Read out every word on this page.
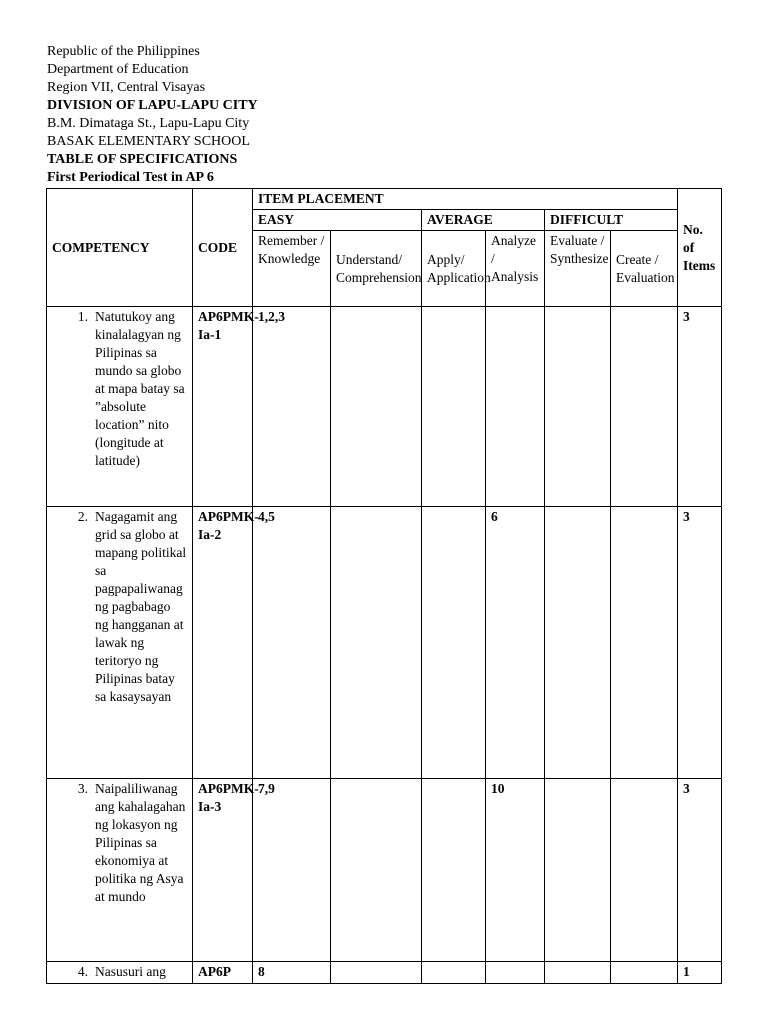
Republic of the Philippines
Department of Education
Region VII, Central Visayas
DIVISION OF LAPU-LAPU CITY
B.M. Dimataga St., Lapu-Lapu City
BASAK ELEMENTARY SCHOOL
TABLE OF SPECIFICATIONS
First Periodical Test in AP 6
COMPETENCY	CODE	ITEM PLACEMENT						No. of Items
		EASY		AVERAGE		DIFFICULT		
		Remember / Knowledge	Understand/ Comprehension	Apply/ Application	Analyze / Analysis	Evaluate / Synthesize	Create / Evaluation	

1. Natutukoy ang kinalalagyan ng Pilipinas sa mundo sa globo at mapa batay sa ”absolute location” nito (longitude at latitude)	AP6PMK-Ia-1	1,2,3						3

2. Nagagamit ang grid sa globo at mapang politikal sa pagpapaliwanag ng pagbabago ng hangganan at lawak ng teritoryo ng Pilipinas batay sa kasaysayan	AP6PMK-Ia-2	4,5			6			3

3. Naipaliliwanag ang kahalagahan ng lokasyon ng Pilipinas sa ekonomiya at politika ng Asya at mundo	AP6PMK-Ia-3	7,9			10			3

4. Nasusuri ang	AP6P	8						1
